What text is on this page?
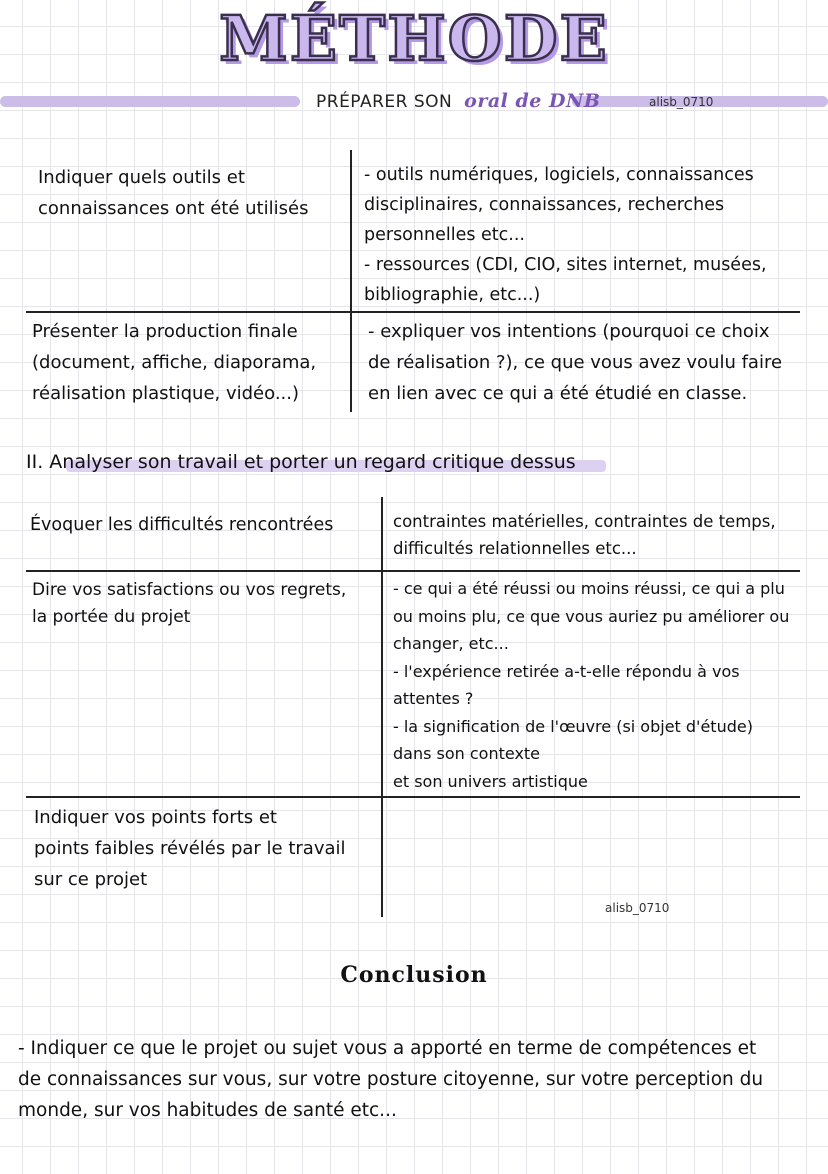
MÉTHODE
PRÉPARER SON oral de DNB	alisb_0710
Indiquer quels outils et
connaissances ont été utilisés
- outils numériques, logiciels, connaissances
disciplinaires, connaissances, recherches
personnelles etc...
- ressources (CDI, CIO, sites internet, musées,
bibliographie, etc...)
Présenter la production finale
(document, affiche, diaporama,
réalisation plastique, vidéo...)
- expliquer vos intentions (pourquoi ce choix
de réalisation ?), ce que vous avez voulu faire
en lien avec ce qui a été étudié en classe.
II. Analyser son travail et porter un regard critique dessus
Évoquer les difficultés rencontrées	contraintes matérielles, contraintes de temps,
difficultés relationnelles etc...
Dire vos satisfactions ou vos regrets,
la portée du projet
- ce qui a été réussi ou moins réussi, ce qui a plu
ou moins plu, ce que vous auriez pu améliorer ou
changer, etc...
- l'expérience retirée a-t-elle répondu à vos
attentes ?
- la signification de l'œuvre (si objet d'étude)
dans son contexte
et son univers artistique
Indiquer vos points forts et
points faibles révélés par le travail
sur ce projet
alisb_0710
Conclusion
- Indiquer ce que le projet ou sujet vous a apporté en terme de compétences et
de connaissances sur vous, sur votre posture citoyenne, sur votre perception du
monde, sur vos habitudes de santé etc...
